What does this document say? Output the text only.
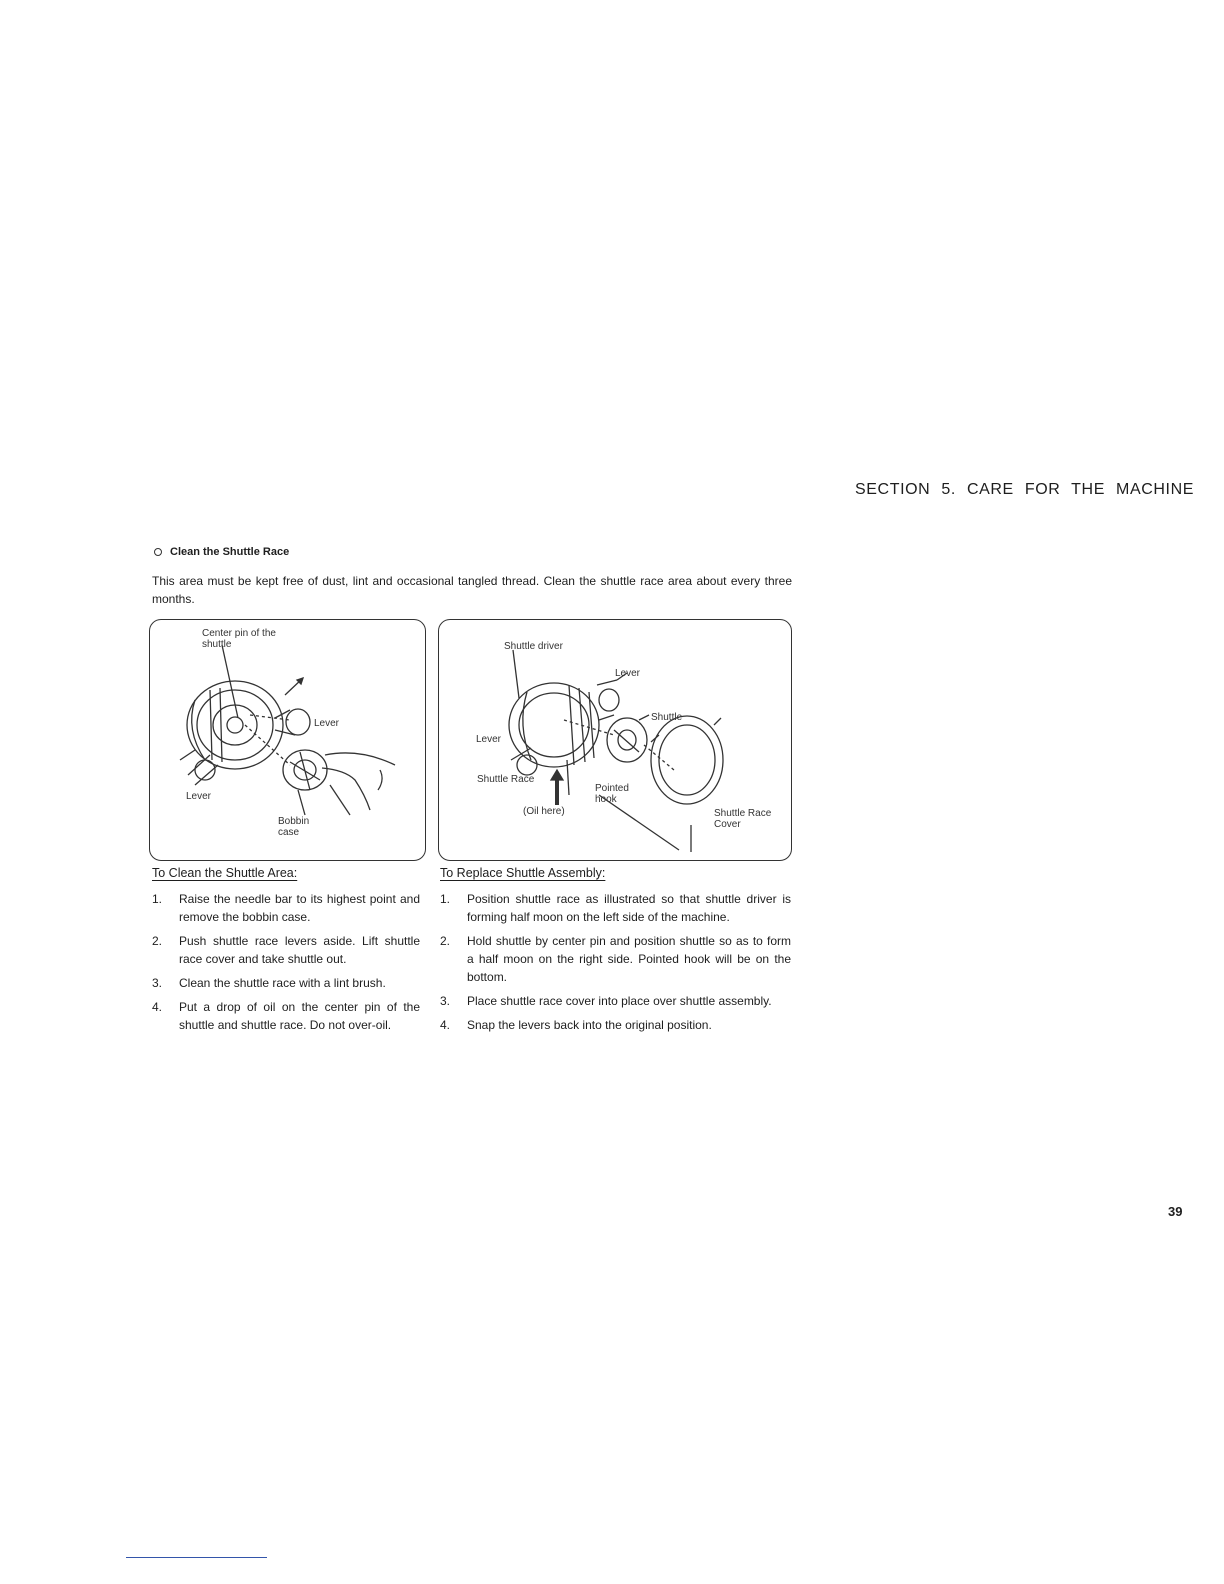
SECTION 5. CARE FOR THE MACHINE
Clean the Shuttle Race
This area must be kept free of dust, lint and occasional tangled thread. Clean the shuttle race area about every three months.
Center pin of the shuttle
Lever
Lever
Bobbin case
Shuttle driver
Lever
Shuttle
Lever
Shuttle Race
Pointed hook
(Oil here)	Shuttle Race Cover
To Clean the Shuttle Area:
1. Raise the needle bar to its highest point and remove the bobbin case.
2. Push shuttle race levers aside. Lift shuttle race cover and take shuttle out.
3. Clean the shuttle race with a lint brush.
4. Put a drop of oil on the center pin of the shuttle and shuttle race. Do not over-oil.
To Replace Shuttle Assembly:
1. Position shuttle race as illustrated so that shuttle driver is forming half moon on the left side of the machine.
2. Hold shuttle by center pin and position shuttle so as to form a half moon on the right side. Pointed hook will be on the bottom.
3. Place shuttle race cover into place over shuttle assembly.
4. Snap the levers back into the original position.
39
